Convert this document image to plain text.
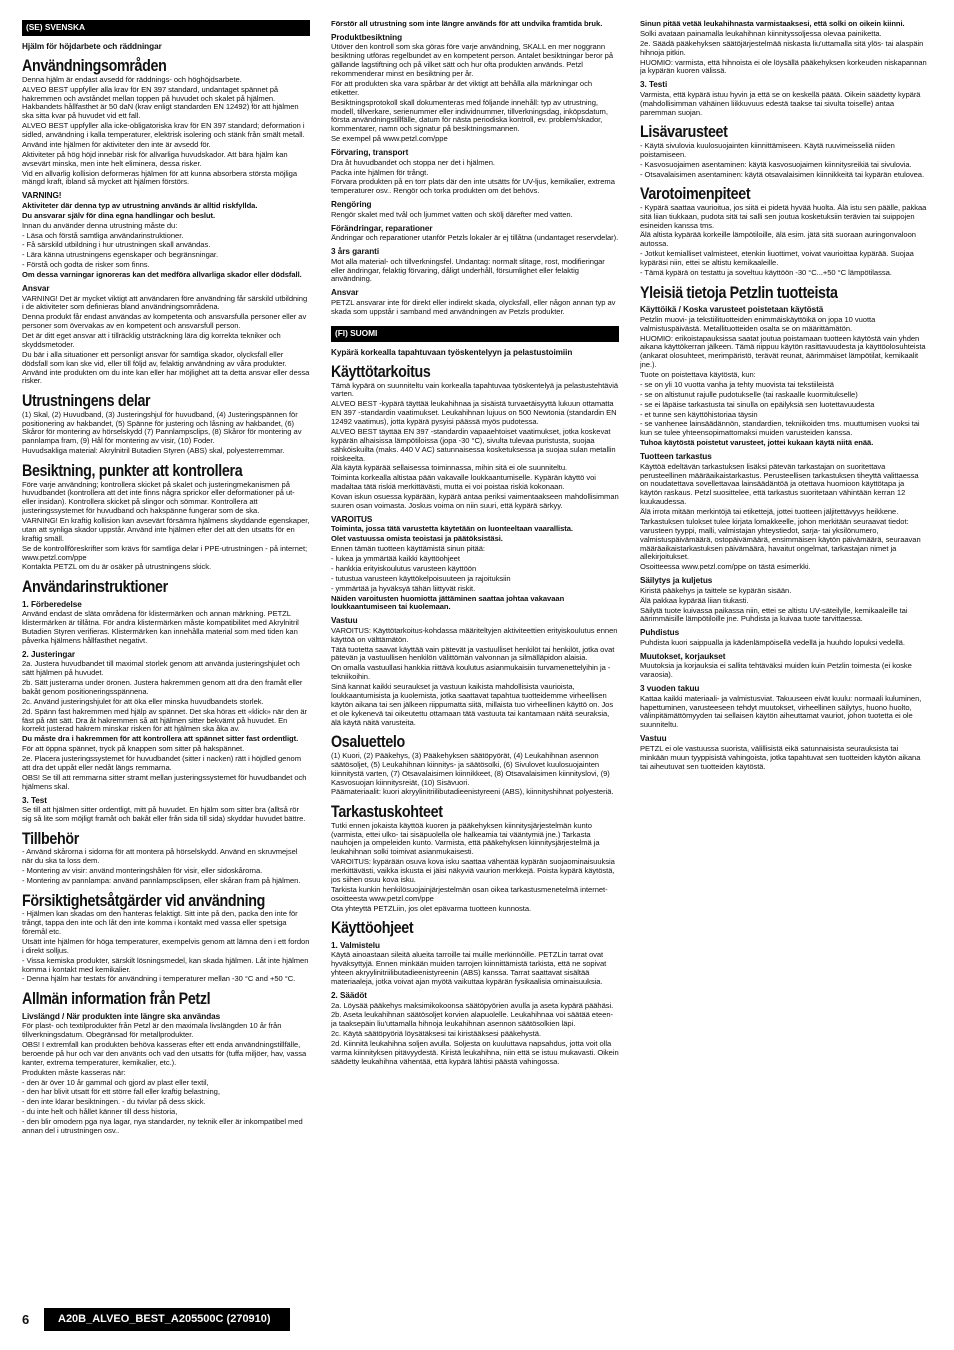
(SE) SVENSKA

Hjälm för höjdarbete och räddningar

Användningsområden

Denna hjälm är endast avsedd för räddnings- och höghöjdsarbete.

ALVEO BEST uppfyller alla krav för EN 397 standard, undantaget spännet på hakremmen och avståndet mellan toppen på huvudet och skalet på hjälmen. Hakbandets hållfasthet är 50 daN (krav enligt standarden EN 12492) för att hjälmen ska sitta kvar på huvudet vid ett fall.

ALVEO BEST uppfyller alla icke-obligatoriska krav för EN 397 standard; deformation i sidled, användning i kalla temperaturer, elektrisk isolering och stänk från smält metall.

Använd inte hjälmen för aktiviteter den inte är avsedd för.

Aktiviteter på hög höjd innebär risk för allvarliga huvudskador. Att bära hjälm kan avsevärt minska, men inte helt eliminera, dessa risker.

Vid en allvarlig kollision deformeras hjälmen för att kunna absorbera största möjliga mängd kraft, ibland så mycket att hjälmen förstörs.

VARNING!

Aktiviteter där denna typ av utrustning används är alltid riskfyllda.

Du ansvarar själv för dina egna handlingar och beslut.

Innan du använder denna utrustning måste du:

- Läsa och förstå samtliga användarinstruktioner.

- Få särskild utbildning i hur utrustningen skall användas.

- Lära känna utrustningens egenskaper och begränsningar.

- Förstå och godta de risker som finns.

Om dessa varningar ignoreras kan det medföra allvarliga skador eller dödsfall.

Ansvar

VARNING! Det är mycket viktigt att användaren före användning får särskild utbildning i de aktiviteter som definieras bland användningsområdena.

Denna produkt får endast användas av kompetenta och ansvarsfulla personer eller av personer som övervakas av en kompetent och ansvarsfull person.

Det är ditt eget ansvar att i tillräcklig utsträckning lära dig korrekta tekniker och skyddsmetoder.

Du bär i alla situationer ett personligt ansvar för samtliga skador, olycksfall eller dödsfall som kan ske vid, eller till följd av, felaktig användning av våra produkter. Använd inte produkten om du inte kan eller har möjlighet att ta detta ansvar eller dessa risker.

Utrustningens delar

(1) Skal, (2) Huvudband, (3) Justeringshjul för huvudband, (4) Justeringspännen för positionering av hakbandet, (5) Spänne för justering och låsning av hakbandet, (6) Skåror för montering av hörselskydd (7) Pannlampsclips, (8) Skåror för montering av pannlampa fram, (9) Hål för montering av visir, (10) Foder.

Huvudsakliga material: Akrylnitril Butadien Styren (ABS) skal, polyesterremmar.

Besiktning, punkter att kontrollera

Före varje användning; kontrollera skicket på skalet och justeringmekanismen på huvudbandet (kontrollera att det inte finns några sprickor eller deformationer på ut- eller insidan). Kontrollera skicket på slingor och sömmar. Kontrollera att justeringssystemet för huvudband och hakspänne fungerar som de ska.

VARNING! En kraftig kollision kan avsevärt försämra hjälmens skyddande egenskaper, utan att synliga skador uppstår. Använd inte hjälmen efter det att den utsatts för en kraftig smäll.

Se de kontrollföreskrifter som krävs för samtliga delar i PPE-utrustningen - på internet; www.petzl.com/ppe

Kontakta PETZL om du är osäker på utrustningens skick.

Användarinstruktioner
1. Förberedelse

Använd endast de släta områdena för klistermärken och annan märkning. PETZL klistermärken är tillåtna. För andra klistermärken måste kompatibilitet med Akrylnitril Butadien Styren verifieras. Klistermärken kan innehålla material som med tiden kan påverka hjälmens hållfasthet negativt.

2. Justeringar

2a. Justera huvudbandet till maximal storlek genom att använda justeringshjulet och sätt hjälmen på huvudet.

2b. Sätt justerarna under öronen. Justera hakremmen genom att dra den framåt eller bakåt genom positioneringsspännena.

2c. Använd justeringshjulet för att öka eller minska huvudbandets storlek.

2d. Spänn fast hakremmen med hjälp av spännet. Det ska höras ett «klick» när den är fäst på rätt sätt. Dra åt hakremmen så att hjälmen sitter bekvämt på huvudet. En korrekt justerad hakrem minskar risken för att hjälmen ska åka av.

Du måste dra i hakremmen för att kontrollera att spännet sitter fast ordentligt.

För att öppna spännet, tryck på knappen som sitter på hakspännet.

2e. Placera justeringssystemet för huvudbandet (sitter i nacken) rätt i höjdled genom att dra det uppåt eller nedåt längs remmarna.

OBS! Se till att remmarna sitter stramt mellan justeringssystemet för huvudbandet och hjälmens skal.

3. Test

Se till att hjälmen sitter ordentligt, mitt på huvudet. En hjälm som sitter bra (alltså rör sig så lite som möjligt framåt och bakåt eller från sida till sida) skyddar huvudet bättre.

Tillbehör

- Använd skårorna i sidorna för att montera på hörselskydd. Använd en skruvmejsel när du ska ta loss dem.

- Montering av visir: använd monteringshålen för visir, eller sidoskårorna.

- Montering av pannlampa: använd pannlampsclipsen, eller skåran fram på hjälmen.

Försiktighetsåtgärder vid användning

- Hjälmen kan skadas om den hanteras felaktigt. Sitt inte på den, packa den inte för trångt, tappa den inte och låt den inte komma i kontakt med vassa eller spetsiga föremål etc.

Utsätt inte hjälmen för höga temperaturer, exempelvis genom att lämna den i ett fordon i direkt solljus.

- Vissa kemiska produkter, särskilt lösningsmedel, kan skada hjälmen. Låt inte hjälmen komma i kontakt med kemikalier.

- Denna hjälm har testats för användning i temperaturer mellan -30 °C and +50 °C.

Allmän information från Petzl
Livslängd / När produkten inte längre ska användas

För plast- och textilprodukter från Petzl är den maximala livslängden 10 år från tillverkningsdatum. Obegränsad för metallprodukter.

OBS! I extremfall kan produkten behöva kasseras efter ett enda användningstillfälle, beroende på hur och var den använts och vad den utsatts för (tuffa miljöer, hav, vassa kanter, extrema temperaturer, kemikalier, etc.).

Produkten måste kasseras när:

- den är över 10 år gammal och gjord av plast eller textil,

- den har blivit utsatt för ett större fall eller kraftig belastning,

- den inte klarar besiktningen. - du tvivlar på dess skick.

- du inte helt och hållet känner till dess historia,

- den blir omodern pga nya lagar, nya standarder, ny teknik eller är inkompatibel med annan del i utrustningen osv..

Förstör all utrustning som inte längre används för att undvika framtida bruk.

Produktbesiktning

Utöver den kontroll som ska göras före varje användning, SKALL en mer noggrann besiktning utföras regelbundet av en kompetent person. Antalet besiktningar beror på gällande lagstiftning och på vilket sätt och hur ofta produkten används. Petzl rekommenderar minst en besiktning per år.

För att produkten ska vara spårbar är det viktigt att behålla alla märkningar och etiketter.

Besiktningsprotokoll skall dokumenteras med följande innehåll: typ av utrustning, modell, tillverkare, serienummer eller individnummer, tillverkningsdag, inköpsdatum, första användningstillfälle, datum för nästa periodiska kontroll, ev. problem/skador, kommentarer, namn och signatur på besiktningsmannen.

Se exempel på www.petzl.com/ppe

Förvaring, transport

Dra åt huvudbandet och stoppa ner det i hjälmen.

Packa inte hjälmen för trångt.

Förvara produkten på en torr plats där den inte utsätts för UV-ljus, kemikalier, extrema temperaturer osv.. Rengör och torka produkten om det behövs.

Rengöring

Rengör skalet med tvål och ljummet vatten och skölj därefter med vatten.

Förändringar, reparationer

Ändringar och reparationer utanför Petzls lokaler är ej tillåtna (undantaget reservdelar).

3 års garanti

Mot alla material- och tillverkningsfel. Undantag: normalt slitage, rost, modifieringar eller ändringar, felaktig förvaring, dåligt underhåll, försumlighet eller felaktig användning.

Ansvar

PETZL ansvarar inte för direkt eller indirekt skada, olycksfall, eller någon annan typ av skada som uppstår i samband med användningen av Petzls produkter.

(FI) SUOMI

Kypärä korkealla tapahtuvaan työskentelyyn ja pelastustoimiin

Käyttötarkoitus

Tämä kypärä on suunniteltu vain korkealla tapahtuvaa työskentelyä ja pelastustehtäviä varten.

ALVEO BEST -kypärä täyttää leukahihnaa ja sisäistä turvaetäisyyttä lukuun ottamatta EN 397 -standardin vaatimukset. Leukahihnan lujuus on 500 Newtonia (standardin EN 12492 vaatimus), jotta kypärä pysyisi päässä myös pudotessa.

ALVEO BEST täyttää EN 397 -standardin vapaaehtoiset vaatimukset, jotka koskevat kypärän alhaisissa lämpötiloissa (jopa -30 °C), sivulta tulevaa puristusta, suojaa sähköiskuilta (maks. 440 V AC) satunnaisessa kosketuksessa ja suojaa sulan metallin roiskeelta.

Älä käytä kypärää sellaisessa toiminnassa, mihin sitä ei ole suunniteltu.

Toiminta korkealla altistaa pään vakavalle loukkaantumiselle. Kypärän käyttö voi madaltaa tätä riskiä merkittävästi, mutta ei voi poistaa riskiä kokonaan.

Kovan iskun osuessa kypärään, kypärä antaa periksi vaimentaakseen mahdollisimman suuren osan voimasta. Joskus voima on niin suuri, että kypärä särkyy.

VAROITUS

Toiminta, jossa tätä varustetta käytetään on luonteeltaan vaarallista.

Olet vastuussa omista teoistasi ja päätöksistäsi.

Ennen tämän tuotteen käyttämistä sinun pitää:

- lukea ja ymmärtää kaikki käyttöohjeet

- hankkia erityiskoulutus varusteen käyttöön

- tutustua varusteen käyttökelpoisuuteen ja rajoituksiin

- ymmärtää ja hyväksyä tähän liittyvät riskit.

Näiden varoitusten huomiotta jättäminen saattaa johtaa vakavaan loukkaantumiseen tai kuolemaan.

Vastuu

VAROITUS: Käyttötarkoitus-kohdassa määriteltyjen aktiviteettien erityiskoulutus ennen käyttöä on välttämätön.

Tätä tuotetta saavat käyttää vain pätevät ja vastuulliset henkilöt tai henkilöt, jotka ovat pätevän ja vastuullisen henkilön välittömän valvonnan ja silmälläpidon alaisia.

On omalla vastuullasi hankkia riittävä koulutus asianmukaisiin turvamenettelyihin ja -tekniikoihin.

Sinä kannat kaikki seuraukset ja vastuun kaikista mahdollisista vaurioista, loukkaantumisista ja kuolemista, jotka saattavat tapahtua tuotteidemme virheellisen käytön aikana tai sen jälkeen riippumatta siitä, millaista tuo virheellinen käyttö on. Jos et ole kykenevä tai oikeutettu ottamaan tätä vastuuta tai kantamaan näitä seuraksia, älä käytä näitä varusteita.

Osaluettelo

(1) Kuori, (2) Pääkehys, (3) Pääkehyksen säätöpyörät, (4) Leukahihnan asennon säätösoljet, (5) Leukahihnan kiinnitys- ja säätösolki, (6) Sivulovet kuulosuojainten kiinnitystä varten, (7) Otsavalaisimen kiinnikkeet, (8) Otsavalaisimen kiinnityslovi, (9) Kasvosuojan kiinnitysreiät, (10) Sisävuori.

Päämateriaalit: kuori akryylinitriilibutadieenistyreeni (ABS), kiinnityshihnat polyesteriä.

Tarkastuskohteet

Tutki ennen jokaista käyttöä kuoren ja pääkehyksen kiinnitysjärjestelmän kunto (varmista, ettei ulko- tai sisäpuolella ole halkeamia tai vääntymiä jne.) Tarkasta nauhojen ja ompeleiden kunto. Varmista, että pääkehyksen kiinnitysjärjestelmä ja leukahihnan solki toimivat asianmukaisesti.

VAROITUS: kypärään osuva kova isku saattaa vähentää kypärän suojaominaisuuksia merkittävästi, vaikka iskusta ei jäisi näkyviä vaurion merkkejä. Poista kypärä käytöstä, jos siihen osuu kova isku.

Tarkista kunkin henkilösuojainjärjestelmän osan oikea tarkastusmenetelmä internet-osoitteesta www.petzl.com/ppe

Ota yhteyttä PETZLiin, jos olet epävarma tuotteen kunnosta.

Käyttöohjeet
1. Valmistelu

Käytä ainoastaan sileitä alueita tarroille tai muille merkinnöille. PETZLin tarrat ovat hyväksyttyjä. Ennen minkään muiden tarrojen kiinnittämistä tarkista, että ne sopivat yhteen akryylinitriilibutadieenistyreenin (ABS) kanssa. Tarrat saattavat sisältää materiaaleja, jotka voivat ajan myötä vaikuttaa kypärän fysikaalisia ominaisuuksia.

2. Säädöt

2a. Löysää pääkehys maksimikokoonsa säätöpyörien avulla ja aseta kypärä päähäsi.

2b. Aseta leukahihnan säätösoljet korvien alapuolelle. Leukahihnaa voi säätää eteen- ja taaksepäin liu'uttamalla hihnoja leukahihnan asennon säätösolkien läpi.

2c. Käytä säätöpyöriä löysätäksesi tai kiristääksesi pääkehystä.

2d. Kiinnitä leukahihna soljen avulla. Soljesta on kuuluttava napsahdus, jotta voit olla varma kiinnityksen pitävyydestä. Kiristä leukahihna, niin että se istuu mukavasti. Oikein säädetty leukahihna vähentää, että kypärä lähtisi päästä vahingossa.

Sinun pitää vetää leukahihnasta varmistaaksesi, että solki on oikein kiinni.

Solki avataan painamalla leukahihnan kiinnityssoljessa olevaa painiketta.

2e. Säädä pääkehyksen säätöjärjestelmää niskasta liu'uttamalla sitä ylös- tai alaspäin hihnoja pitkin.

HUOMIO: varmista, että hihnoista ei ole löysällä pääkehyksen korkeuden niskapannan ja kypärän kuoren välissä.

3. Testi

Varmista, että kypärä istuu hyvin ja että se on keskellä päätä. Oikein säädetty kypärä (mahdollisimman vähäinen liikkuvuus edestä taakse tai sivulta toiselle) antaa paremman suojan.

Lisävarusteet

- Käytä sivulovia kuulosuojainten kiinnittämiseen. Käytä ruuvimeisseliä niiden poistamiseen.

- Kasvosuojaimen asentaminen: käytä kasvosuojaimen kiinnitysreikiä tai sivulovia.

- Otsavalaisimen asentaminen: käytä otsavalaisimen kiinnikkeitä tai kypärän etulovea.

Varotoimenpiteet

- Kypärä saattaa vaurioitua, jos siitä ei pidetä hyvää huolta. Älä istu sen päälle, pakkaa sitä liian tiukkaan, pudota sitä tai salli sen joutua kosketuksiin terävien tai suippojen esineiden kanssa tms.

Älä altista kypärää korkeille lämpötiloille, älä esim. jätä sitä suoraan auringonvaloon autossa.

- Jotkut kemialliset valmisteet, etenkin liuottimet, voivat vaurioittaa kypärää. Suojaa kypäräsi niin, ettei se altistu kemikaaleille.

- Tämä kypärä on testattu ja soveltuu käyttöön -30 °C...+50 °C lämpötilassa.

Yleisiä tietoja Petzlin tuotteista
Käyttöikä / Koska varusteet poistetaan käytöstä

Petzlin muovi- ja tekstiilituotteiden enimmäiskäyttöikä on jopa 10 vuotta valmistuspäivästä. Metallituotteiden osalta se on määrittämätön.

HUOMIO: erikoistapauksissa saatat joutua poistamaan tuotteen käytöstä vain yhden aikana käyttökerran jälkeen. Tämä riippuu käytön rasittavuudesta ja käyttöolosuhteista (ankarat olosuhteet, merimpäristö, terävät reunat, äärimmäiset lämpötilat, kemikaalit jne.).

Tuote on poistettava käytöstä, kun:

- se on yli 10 vuotta vanha ja tehty muovista tai tekstiileistä

- se on altistunut rajulle pudotukselle (tai raskaalle kuormitukselle)

- se ei läpäise tarkastusta tai sinulla on epäilyksiä sen luotettavuudesta

- et tunne sen käyttöhistoriaa täysin

- se vanhenee lainsäädännön, standardien, tekniikoiden tms. muuttumisen vuoksi tai kun se tulee yhteensopimattomaksi muiden varusteiden kanssa.

Tuhoa käytöstä poistetut varusteet, jottei kukaan käytä niitä enää.

Tuotteen tarkastus

Käyttöä edeltävän tarkastuksen lisäksi pätevän tarkastajan on suoritettava perusteellinen määräaikaistarkastus. Perusteellisen tarkastuksen tiheyttä valittaessa on noudatettava sovellettavaa lainsäädäntöä ja otettava huomioon käyttötapa ja käytön raskaus. Petzl suosittelee, että tarkastus suoritetaan vähintään kerran 12 kuukaudessa.

Älä irrota mitään merkintöjä tai etikettejä, jottei tuotteen jäljitettävyys heikkene.

Tarkastuksen tulokset tulee kirjata lomakkeelle, johon merkitään seuraavat tiedot: varusteen tyyppi, malli, valmistajan yhteystiedot, sarja- tai yksilönumero, valmistuspäivämäärä, ostopäivämäärä, ensimmäisen käytön päivämäärä, seuraavan määräaikaistarkastuksen päivämäärä, havaitut ongelmat, tarkastajan nimet ja allekirjoitukset.

Osoitteessa www.petzl.com/ppe on tästä esimerkki.

Säilytys ja kuljetus

Kiristä pääkehys ja taittele se kypärän sisään.

Älä pakkaa kypärää liian tiukasti.

Säilytä tuote kuivassa paikassa niin, ettei se altistu UV-säteilylle, kemikaaleille tai äärimmäisille lämpötiloille jne. Puhdista ja kuivaa tuote tarvittaessa.

Puhdistus

Puhdista kuori saippualla ja kädenlämpöisellä vedellä ja huuhdo lopuksi vedellä.

Muutokset, korjaukset

Muutoksia ja korjauksia ei sallita tehtäväksi muiden kuin Petzlin toimesta (ei koske varaosia).

3 vuoden takuu

Kattaa kaikki materiaali- ja valmistusviat. Takuuseen eivät kuulu: normaali kuluminen, hapettuminen, varusteeseen tehdyt muutokset, virheellinen säilytys, huono huolto, välinpitämättömyyden tai sellaisen käytön aiheuttamat vauriot, johon tuotetta ei ole suunniteltu.

Vastuu

PETZL ei ole vastuussa suorista, välillisistä eikä satunnaisista seurauksista tai minkään muun tyyppisistä vahingoista, jotka tapahtuvat sen tuotteiden käytön aikana tai aiheutuvat sen tuotteiden käytöstä.

6	A20B_ALVEO_BEST_A205500C (270910)
